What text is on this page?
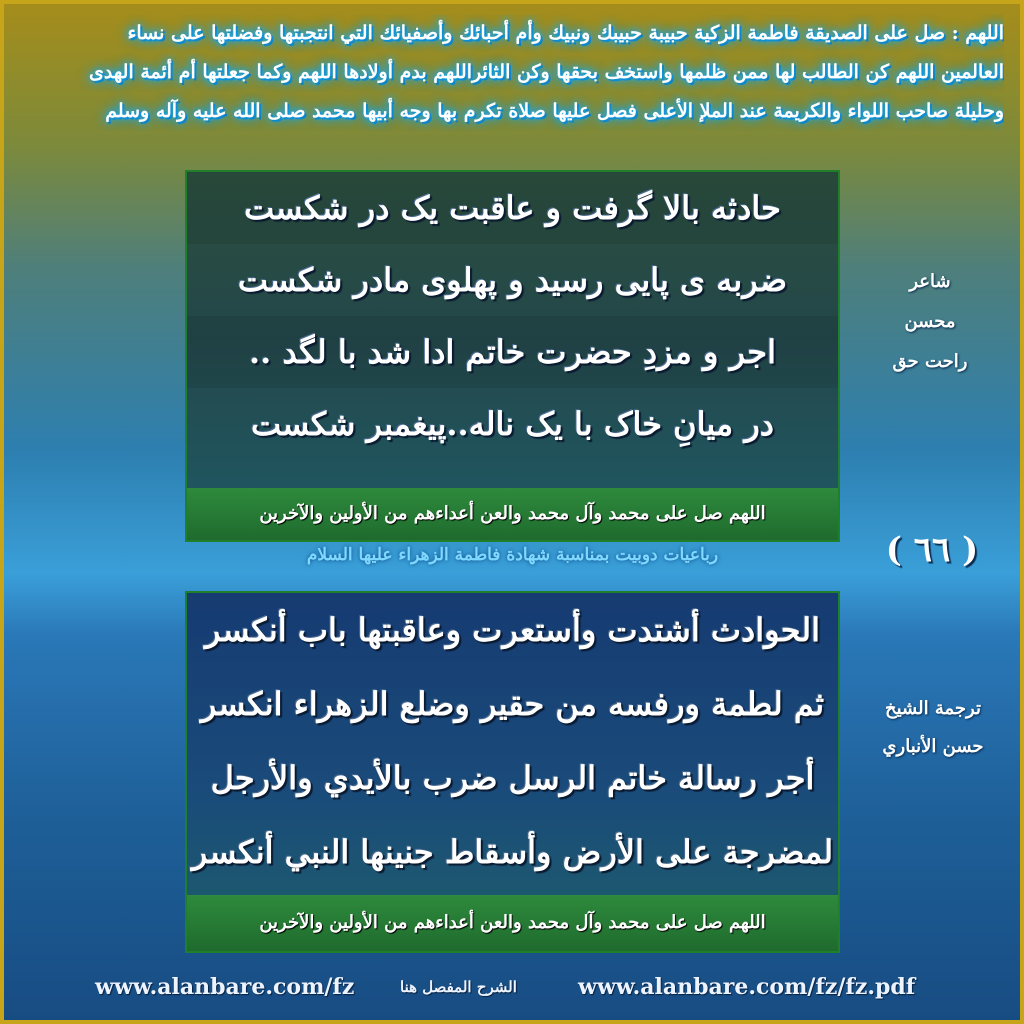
اللهم : صل على الصديقة فاطمة الزكية حبيبة حبيبك ونبيك وأم أحبائك وأصفيائك التي انتجبتها وفضلتها على نساء
العالمين اللهم كن الطالب لها ممن ظلمها واستخف بحقها وكن الثائراللهم بدم أولادها اللهم وكما جعلتها أم أئمة الهدى
وحليلة صاحب اللواء والكريمة عند الملإ الأعلى فصل عليها صلاة تكرم بها وجه أبيها محمد صلى الله عليه وآله وسلم
حادثه بالا گرفت و عاقبت یک در شکست
ضربه ی پایی رسید و پهلوی مادر شکست
اجر و مزدِ حضرت خاتم ادا شد با لگد ..
در میانِ خاک با یک ناله..پیغمبر شکست
اللهم صل على محمد وآل محمد والعن أعداءهم من الأولين والآخرين
شاعر
محسن
راحت حق
رباعيات دوبيت بمناسبة شهادة فاطمة الزهراء عليها السلام	( ٦٦ )
الحوادث أشتدت وأستعرت وعاقبتها باب أنكسر
ثم لطمة ورفسه من حقير وضلع الزهراء انكسر
أجر رسالة خاتم الرسل ضرب بالأيدي والأرجل
لمضرجة على الأرض وأسقاط جنينها النبي أنكسر
اللهم صل على محمد وآل محمد والعن أعداءهم من الأولين والآخرين
ترجمة الشيخ
حسن الأنباري
www.alanbare.com/fz	الشرح المفصل هنا	www.alanbare.com/fz/fz.pdf
